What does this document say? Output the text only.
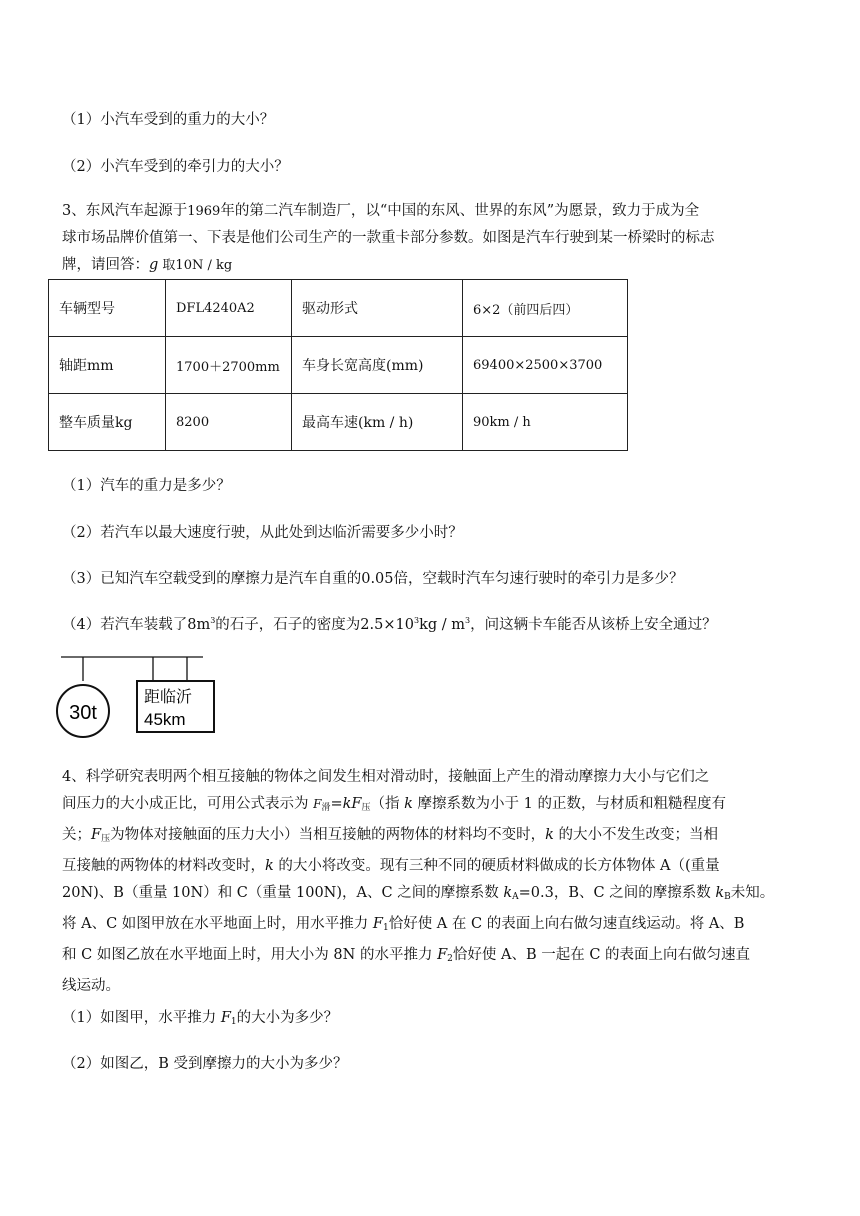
（1）小汽车受到的重力的大小？
（2）小汽车受到的牵引力的大小？
3、东风汽车起源于1969年的第二汽车制造厂，以“中国的东风、世界的东风”为愿景，致力于成为全
球市场品牌价值第一、下表是他们公司生产的一款重卡部分参数。如图是汽车行驶到某一桥梁时的标志
牌，请回答：g 取10N / kg
车辆型号	DFL4240A2	驱动形式	6×2（前四后四）
轴距mm	1700＋2700mm	车身长宽高度(mm)	69400×2500×3700
整车质量kg	8200	最高车速(km / h)	90km / h
（1）汽车的重力是多少？
（2）若汽车以最大速度行驶，从此处到达临沂需要多少小时？
（3）已知汽车空载受到的摩擦力是汽车自重的0.05倍，空载时汽车匀速行驶时的牵引力是多少？
（4）若汽车装载了$8m^3$的石子，石子的密度为$2.5\times 10^3kg / m^3$，问这辆卡车能否从该桥上安全通过？
30t
距临沂
45km
4、科学研究表明两个相互接触的物体之间发生相对滑动时，接触面上产生的滑动摩擦力大小与它们之
间压力的大小成正比，可用公式表示为 $F_滑=kF_压$（指 k 摩擦系数为小于 1 的正数，与材质和粗糙程度有
关；$F_压$为物体对接触面的压力大小）当相互接触的两物体的材料均不变时，k 的大小不发生改变；当相
互接触的两物体的材料改变时，k 的大小将改变。现有三种不同的硬质材料做成的长方体物体 A（(重量
20N)、B（重量 10N）和 C（重量 100N)，A、C 之间的摩擦系数 $k_A=0.3$，B、C 之间的摩擦系数 $k_B$未知。
将 A、C 如图甲放在水平地面上时，用水平推力 $F_1$恰好使 A 在 C 的表面上向右做匀速直线运动。将 A、B
和 C 如图乙放在水平地面上时，用大小为 8N 的水平推力 $F_2$恰好使 A、B 一起在 C 的表面上向右做匀速直
线运动。
（1）如图甲，水平推力 $F_1$的大小为多少？
（2）如图乙，B 受到摩擦力的大小为多少？
